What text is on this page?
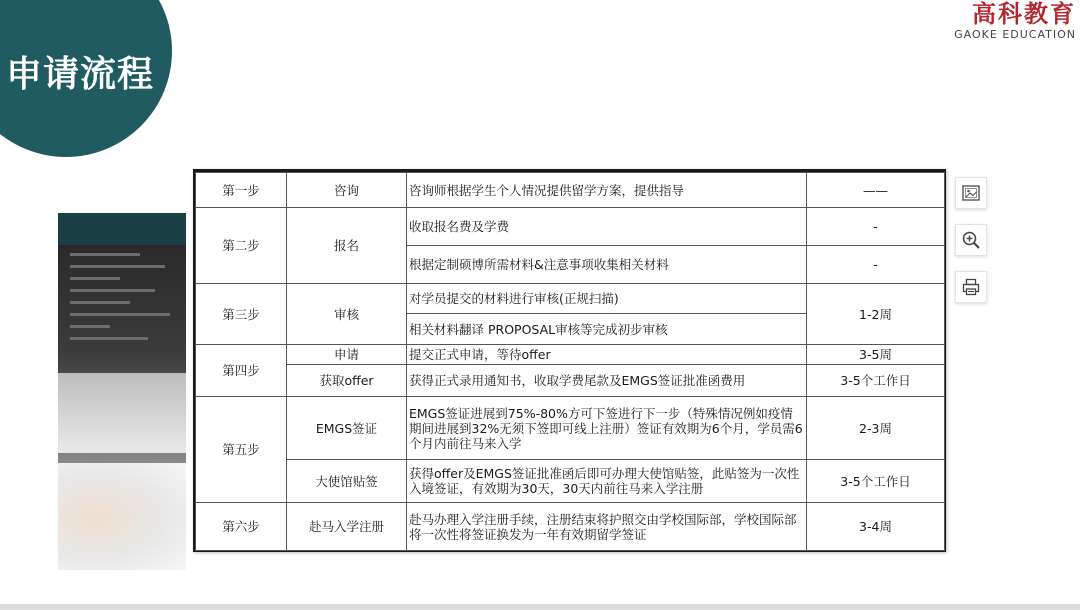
申请流程
高科教育
GAOKE EDUCATION
第一步	咨询	咨询师根据学生个人情况提供留学方案，提供指导	——
第二步	报名	收取报名费及学费	-
		根据定制硕博所需材料&注意事项收集相关材料	-
第三步	审核	对学员提交的材料进行审核(正规扫描)	1-2周
		相关材料翻译 PROPOSAL审核等完成初步审核	
第四步	申请	提交正式申请，等待offer	3-5周
	获取offer	获得正式录用通知书，收取学费尾款及EMGS签证批准函费用	3-5个工作日
第五步	EMGS签证	EMGS签证进展到75%-80%方可下签进行下一步（特殊情况例如疫情期间进展到32%无须下签即可线上注册）签证有效期为6个月，学员需6个月内前往马来入学	2-3周
	大使馆贴签	获得offer及EMGS签证批准函后即可办理大使馆贴签，此贴签为一次性入境签证，有效期为30天，30天内前往马来入学注册	3-5个工作日
第六步	赴马入学注册	赴马办理入学注册手续，注册结束将护照交由学校国际部，学校国际部将一次性将签证换发为一年有效期留学签证	3-4周
